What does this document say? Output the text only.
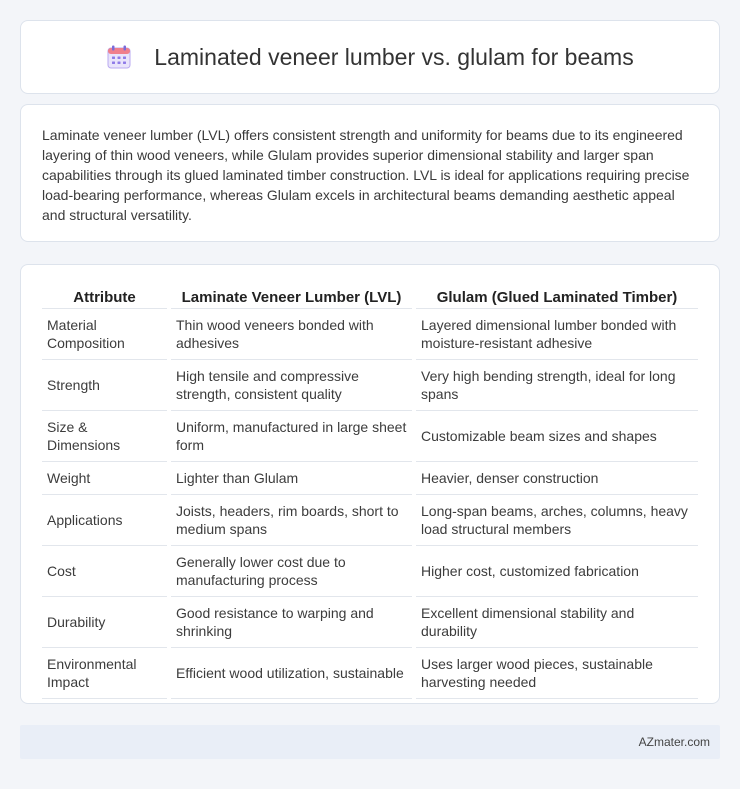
Laminated veneer lumber vs. glulam for beams

Laminate veneer lumber (LVL) offers consistent strength and uniformity for beams due to its engineered layering of thin wood veneers, while Glulam provides superior dimensional stability and larger span capabilities through its glued laminated timber construction. LVL is ideal for applications requiring precise load-bearing performance, whereas Glulam excels in architectural beams demanding aesthetic appeal and structural versatility.

Attribute	Laminate Veneer Lumber (LVL)	Glulam (Glued Laminated Timber)
Material Composition	Thin wood veneers bonded with adhesives	Layered dimensional lumber bonded with moisture-resistant adhesive
Strength	High tensile and compressive strength, consistent quality	Very high bending strength, ideal for long spans
Size & Dimensions	Uniform, manufactured in large sheet form	Customizable beam sizes and shapes
Weight	Lighter than Glulam	Heavier, denser construction
Applications	Joists, headers, rim boards, short to medium spans	Long-span beams, arches, columns, heavy load structural members
Cost	Generally lower cost due to manufacturing process	Higher cost, customized fabrication
Durability	Good resistance to warping and shrinking	Excellent dimensional stability and durability
Environmental Impact	Efficient wood utilization, sustainable	Uses larger wood pieces, sustainable harvesting needed
AZmater.com
